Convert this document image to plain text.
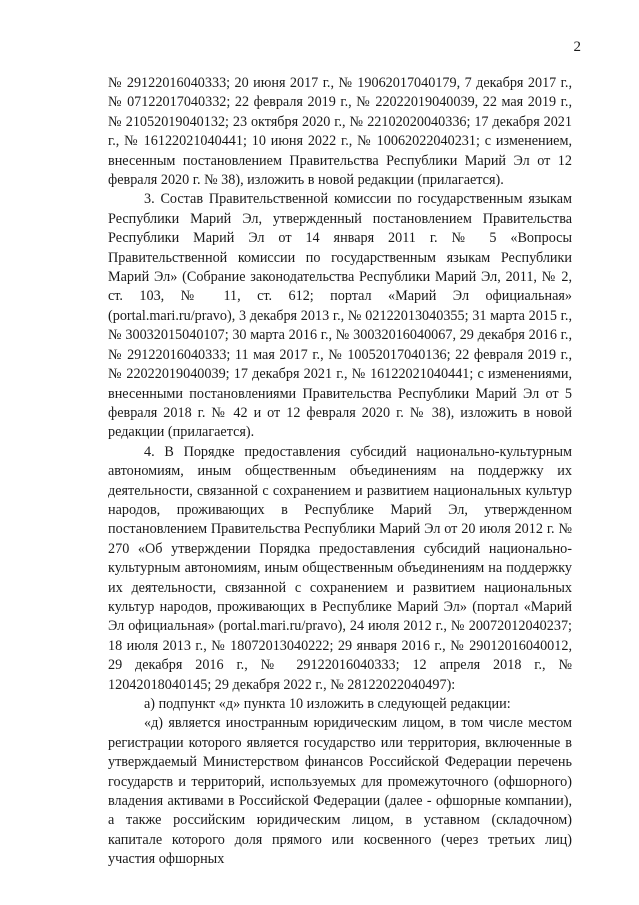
2

№ 29122016040333; 20 июня 2017 г., № 19062017040179, 7 декабря 2017 г., № 07122017040332; 22 февраля 2019 г., № 22022019040039, 22 мая 2019 г., № 21052019040132; 23 октября 2020 г., № 22102020040336; 17 декабря 2021 г., № 16122021040441; 10 июня 2022 г., № 10062022040231; с изменением, внесенным постановлением Правительства Республики Марий Эл от 12 февраля 2020 г. № 38), изложить в новой редакции (прилагается).

3. Состав Правительственной комиссии по государственным языкам Республики Марий Эл, утвержденный постановлением Правительства Республики Марий Эл от 14 января 2011 г. № 5 «Вопросы Правительственной комиссии по государственным языкам Республики Марий Эл» (Собрание законодательства Республики Марий Эл, 2011, № 2, ст. 103, № 11, ст. 612; портал «Марий Эл официальная» (portal.mari.ru/pravo), 3 декабря 2013 г., № 02122013040355; 31 марта 2015 г., № 30032015040107; 30 марта 2016 г., № 30032016040067, 29 декабря 2016 г., № 29122016040333; 11 мая 2017 г., № 10052017040136; 22 февраля 2019 г., № 22022019040039; 17 декабря 2021 г., № 16122021040441; с изменениями, внесенными постановлениями Правительства Республики Марий Эл от 5 февраля 2018 г. № 42 и от 12 февраля 2020 г. № 38), изложить в новой редакции (прилагается).

4. В Порядке предоставления субсидий национально-культурным автономиям, иным общественным объединениям на поддержку их деятельности, связанной с сохранением и развитием национальных культур народов, проживающих в Республике Марий Эл, утвержденном постановлением Правительства Республики Марий Эл от 20 июля 2012 г. № 270 «Об утверждении Порядка предоставления субсидий национально-культурным автономиям, иным общественным объединениям на поддержку их деятельности, связанной с сохранением и развитием национальных культур народов, проживающих в Республике Марий Эл» (портал «Марий Эл официальная» (portal.mari.ru/pravo), 24 июля 2012 г., № 20072012040237; 18 июля 2013 г., № 18072013040222; 29 января 2016 г., № 29012016040012, 29 декабря 2016 г., № 29122016040333; 12 апреля 2018 г., № 12042018040145; 29 декабря 2022 г., № 28122022040497):

а) подпункт «д» пункта 10 изложить в следующей редакции:

«д) является иностранным юридическим лицом, в том числе местом регистрации которого является государство или территория, включенные в утверждаемый Министерством финансов Российской Федерации перечень государств и территорий, используемых для промежуточного (офшорного) владения активами в Российской Федерации (далее - офшорные компании), а также российским юридическим лицом, в уставном (складочном) капитале которого доля прямого или косвенного (через третьих лиц) участия офшорных
